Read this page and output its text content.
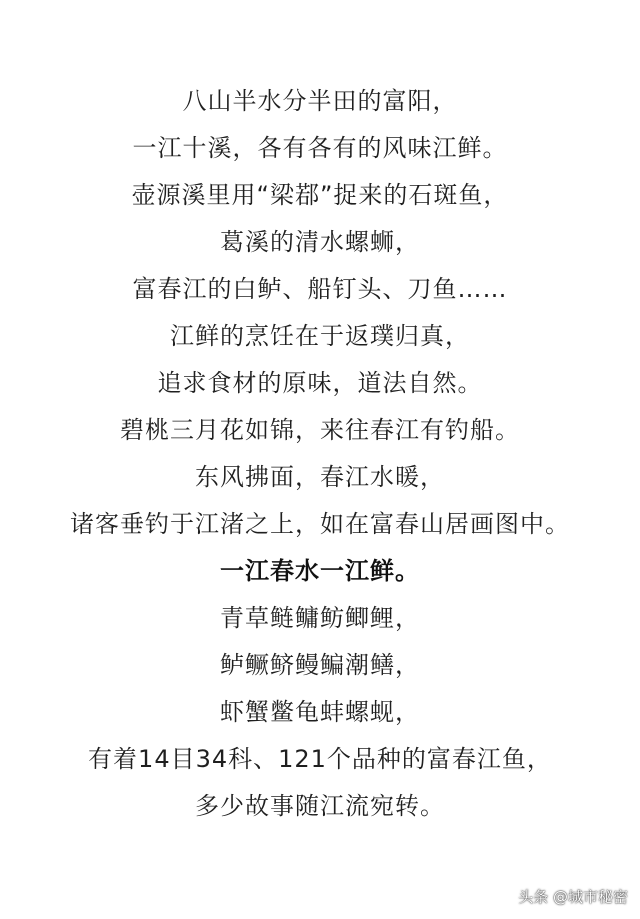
八山半水分半田的富阳，
一江十溪，各有各有的风味江鲜。
壶源溪里用“梁鄀”捉来的石斑鱼，
葛溪的清水螺蛳，
富春江的白鲈、船钉头、刀鱼……
江鲜的烹饪在于返璞归真，
追求食材的原味，道法自然。
碧桃三月花如锦，来往春江有钓船。
东风拂面，春江水暖，
诸客垂钓于江渚之上，如在富春山居画图中。
一江春水一江鲜。
青草鲢鳙鲂鲫鲤，
鲈鳜鲚鳗鳊潮鳝，
虾蟹鳖龟蚌螺蚬，
有着14目34科、121个品种的富春江鱼，
多少故事随江流宛转。
头条 @城市秘密
